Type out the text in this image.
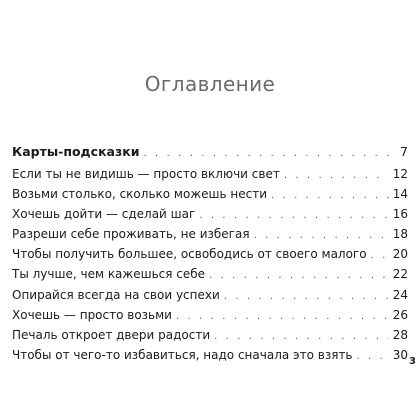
Оглавление
Карты-подсказки . . .	7
Если ты не видишь — просто включи свет . . .	12
Возьми столько, сколько можешь нести . . .	14
Хочешь дойти — сделай шаг . . .	16
Разреши себе проживать, не избегая . . .	18
Чтобы получить большее, освободись от своего малого . . . 20
Ты лучше, чем кажешься себе . . .	22
Опирайся всегда на свои успехи . . .	24
Хочешь — просто возьми . . .	26
Печаль откроет двери радости . . .	28
Чтобы от чего-то избавиться, надо сначала это взять . . .	30 3
